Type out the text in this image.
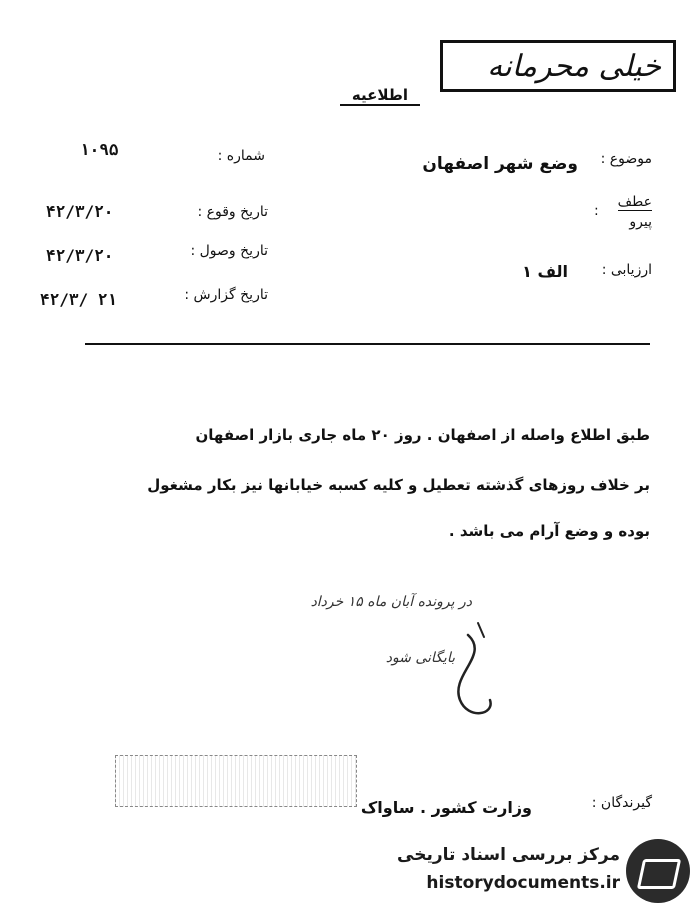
خیلی محرمانه
اطلاعیه
شماره :
۱۰۹۵
تاریخ وقوع :
۴۲/۳/۲۰
تاریخ وصول :
۴۲/۳/۲۰
تاریخ گزارش :
۴۲/۳/ ۲۱
موضوع :
وضع شهر اصفهان
عطف
پیرو
:
ارزیابی :
الف ۱
طبق اطلاع واصله از اصفهان . روز ۲۰ ماه جاری بازار اصفهان
بر خلاف روزهای گذشته تعطیل و کلیه کسبه خیابانها نیز بکار مشغول
بوده و وضع آرام می باشد .
در پرونده آبان ماه ۱۵ خرداد
بایگانی شود
گیرندگان :
وزارت کشور . ساواک
مرکز بررسی اسناد تاریخی
historydocuments.ir
